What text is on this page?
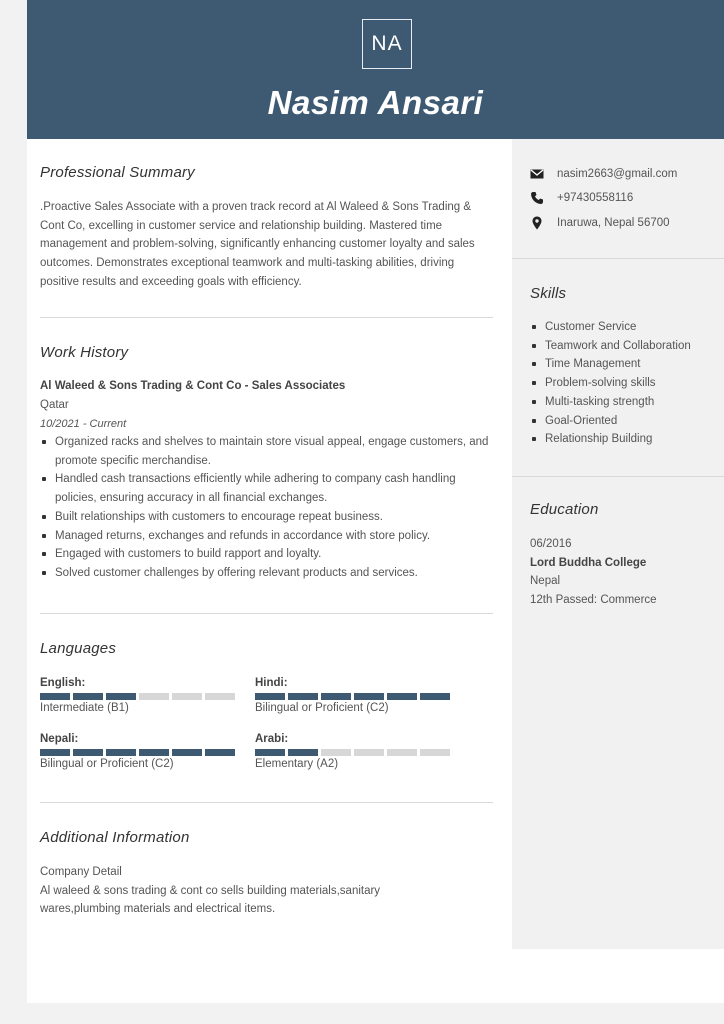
NA
Nasim Ansari
nasim2663@gmail.com
+97430558116
Inaruwa, Nepal 56700
Skills
Customer Service
Teamwork and Collaboration
Time Management
Problem-solving skills
Multi-tasking strength
Goal-Oriented
Relationship Building
Education
06/2016
Lord Buddha College
Nepal
12th Passed: Commerce
Professional Summary
.Proactive Sales Associate with a proven track record at Al Waleed & Sons Trading & Cont Co, excelling in customer service and relationship building. Mastered time management and problem-solving, significantly enhancing customer loyalty and sales outcomes. Demonstrates exceptional teamwork and multi-tasking abilities, driving positive results and exceeding goals with efficiency.
Work History
Al Waleed & Sons Trading & Cont Co - Sales Associates
Qatar
10/2021 - Current
Organized racks and shelves to maintain store visual appeal, engage customers, and promote specific merchandise.
Handled cash transactions efficiently while adhering to company cash handling policies, ensuring accuracy in all financial exchanges.
Built relationships with customers to encourage repeat business.
Managed returns, exchanges and refunds in accordance with store policy.
Engaged with customers to build rapport and loyalty.
Solved customer challenges by offering relevant products and services.
Languages
English:
Intermediate (B1)
Hindi:
Bilingual or Proficient (C2)
Nepali:
Bilingual or Proficient (C2)
Arabi:
Elementary (A2)
Additional Information
Company Detail
Al waleed & sons trading & cont co sells building materials,sanitary wares,plumbing materials and electrical items.
